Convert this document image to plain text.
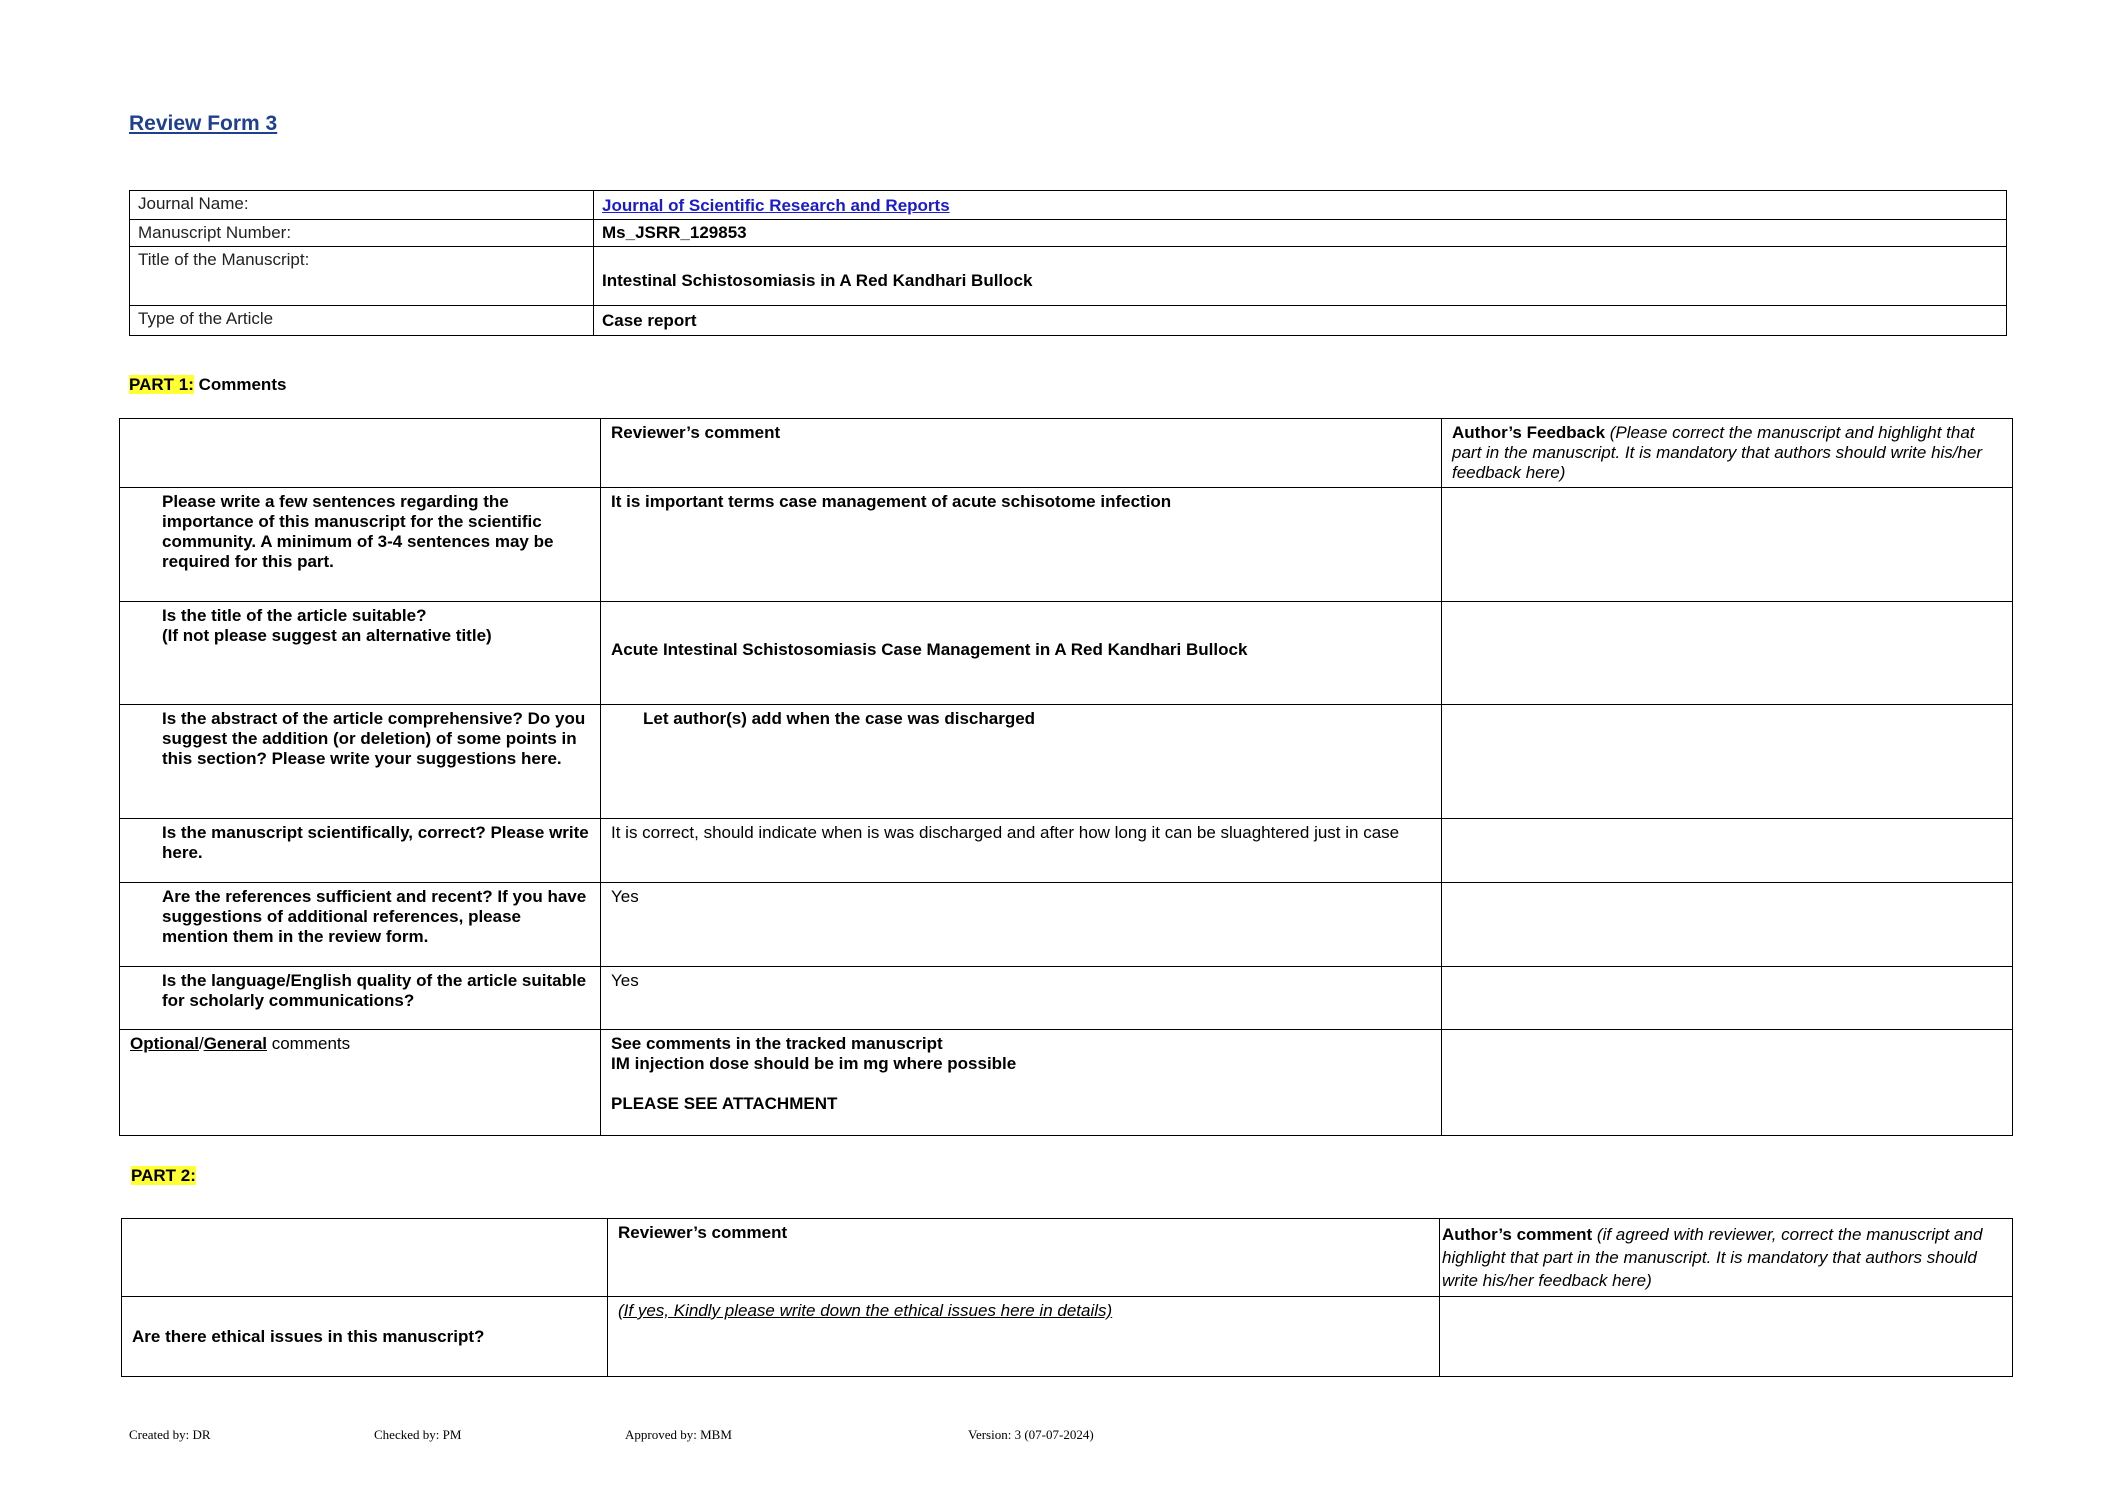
Review Form 3
Journal Name:	Journal of Scientific Research and Reports
Manuscript Number:	Ms_JSRR_129853
Title of the Manuscript:	Intestinal Schistosomiasis in A Red Kandhari Bullock
Type of the Article	Case report
PART 1: Comments
	Reviewer’s comment	Author’s Feedback (Please correct the manuscript and highlight that part in the manuscript. It is mandatory that authors should write his/her feedback here)
Please write a few sentences regarding the importance of this manuscript for the scientific community. A minimum of 3-4 sentences may be required for this part.	It is important terms case management of acute schisotome infection	

Is the title of the article suitable?
(If not please suggest an alternative title)	Acute Intestinal Schistosomiasis Case Management in A Red Kandhari Bullock	
Is the abstract of the article comprehensive? Do you suggest the addition (or deletion) of some points in this section? Please write your suggestions here.	Let author(s) add when the case was discharged	
Is the manuscript scientifically, correct? Please write here.	It is correct, should indicate when is was discharged and after how long it can be sluaghtered just in case	
Are the references sufficient and recent? If you have suggestions of additional references, please mention them in the review form.	Yes	
Is the language/English quality of the article suitable for scholarly communications?	Yes	
Optional/General comments	See comments in the tracked manuscript
IM injection dose should be im mg where possible
PLEASE SEE ATTACHMENT	

PART 2:
	Reviewer’s comment	Author’s comment (if agreed with reviewer, correct the manuscript and highlight that part in the manuscript. It is mandatory that authors should write his/her feedback here)
Are there ethical issues in this manuscript?	(If yes, Kindly please write down the ethical issues here in details)	
Created by: DR	Checked by: PM	Approved by: MBM	Version: 3 (07-07-2024)
